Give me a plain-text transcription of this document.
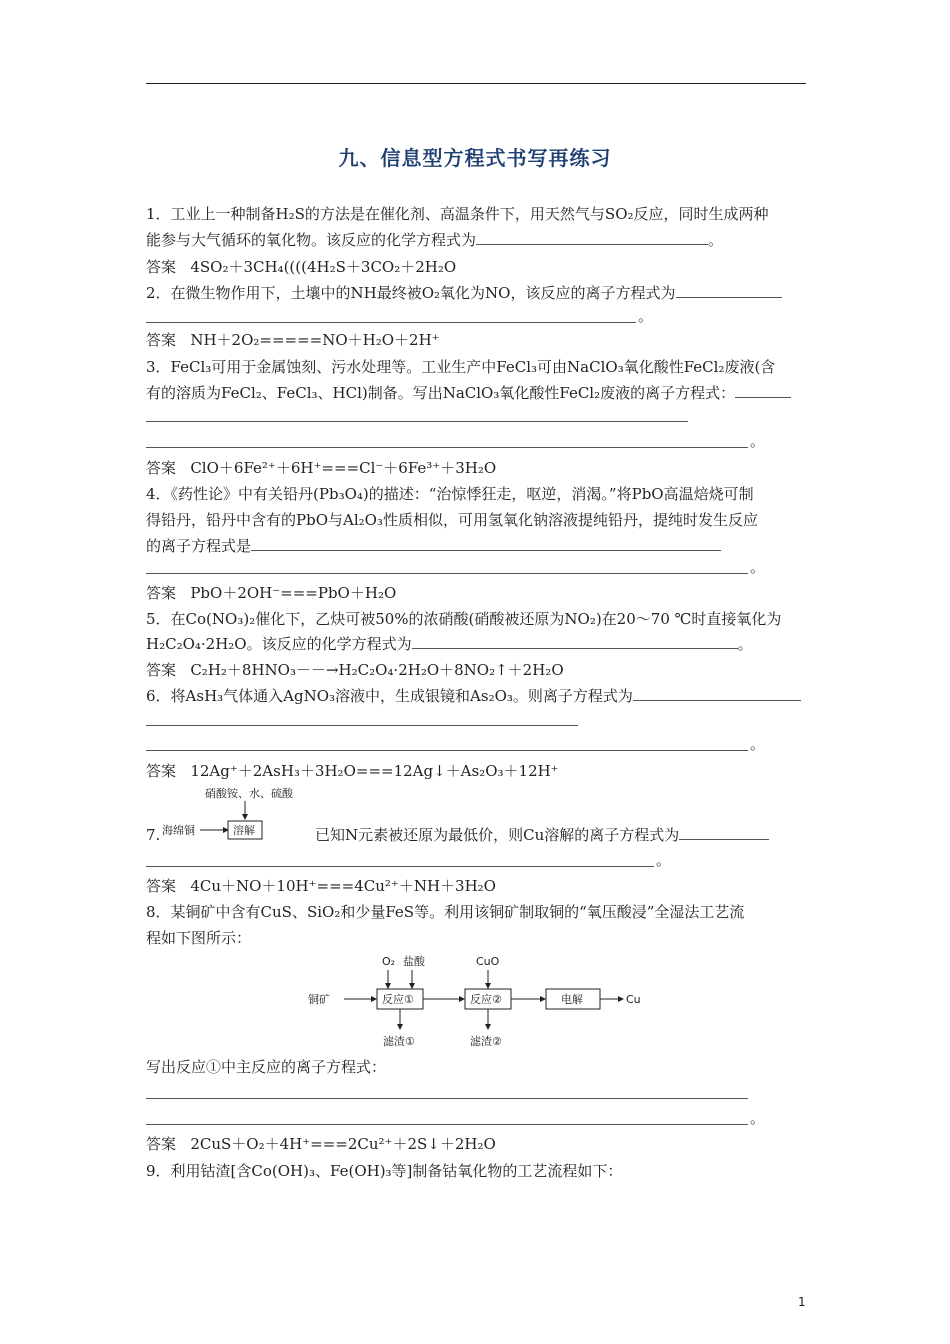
九、信息型方程式书写再练习
1．工业上一种制备H₂S的方法是在催化剂、高温条件下，用天然气与SO₂反应，同时生成两种
能参与大气循环的氧化物。该反应的化学方程式为	。
答案 4SO₂＋3CH₄((((4H₂S＋3CO₂＋2H₂O
2．在微生物作用下，土壤中的NH最终被O₂氧化为NO，该反应的离子方程式为
。
答案 NH＋2O₂=====NO＋H₂O＋2H⁺
3．FeCl₃可用于金属蚀刻、污水处理等。工业生产中FeCl₃可由NaClO₃氧化酸性FeCl₂废液(含
有的溶质为FeCl₂、FeCl₃、HCl)制备。写出NaClO₃氧化酸性FeCl₂废液的离子方程式：
。
答案 ClO＋6Fe²⁺＋6H⁺===Cl⁻＋6Fe³⁺＋3H₂O
4．《药性论》中有关铅丹(Pb₃O₄)的描述：“治惊悸狂走，呕逆，消渴。”将PbO高温焙烧可制
得铅丹，铅丹中含有的PbO与Al₂O₃性质相似，可用氢氧化钠溶液提纯铅丹，提纯时发生反应
的离子方程式是
。
答案 PbO＋2OH⁻===PbO＋H₂O
5．在Co(NO₃)₂催化下，乙炔可被50%的浓硝酸(硝酸被还原为NO₂)在20～70 ℃时直接氧化为
H₂C₂O₄·2H₂O。该反应的化学方程式为	。
答案 C₂H₂＋8HNO₃－－→H₂C₂O₄·2H₂O＋8NO₂↑＋2H₂O
6．将AsH₃气体通入AgNO₃溶液中，生成银镜和As₂O₃。则离子方程式为
。
答案 12Ag⁺＋2AsH₃＋3H₂O===12Ag↓＋As₂O₃＋12H⁺
硝酸铵、水、硫酸
海绵铜	溶解
7.	已知N元素被还原为最低价，则Cu溶解的离子方程式为
。
答案 4Cu＋NO＋10H⁺===4Cu²⁺＋NH＋3H₂O
8．某铜矿中含有CuS、SiO₂和少量FeS等。利用该铜矿制取铜的“氧压酸浸”全湿法工艺流
程如下图所示：
O₂ 盐酸	CuO
铜矿	反应①	反应②	电解	Cu
滤渣①	滤渣②
写出反应①中主反应的离子方程式：
。
答案 2CuS＋O₂＋4H⁺===2Cu²⁺＋2S↓＋2H₂O
9．利用钴渣[含Co(OH)₃、Fe(OH)₃等]制备钴氧化物的工艺流程如下：
1
